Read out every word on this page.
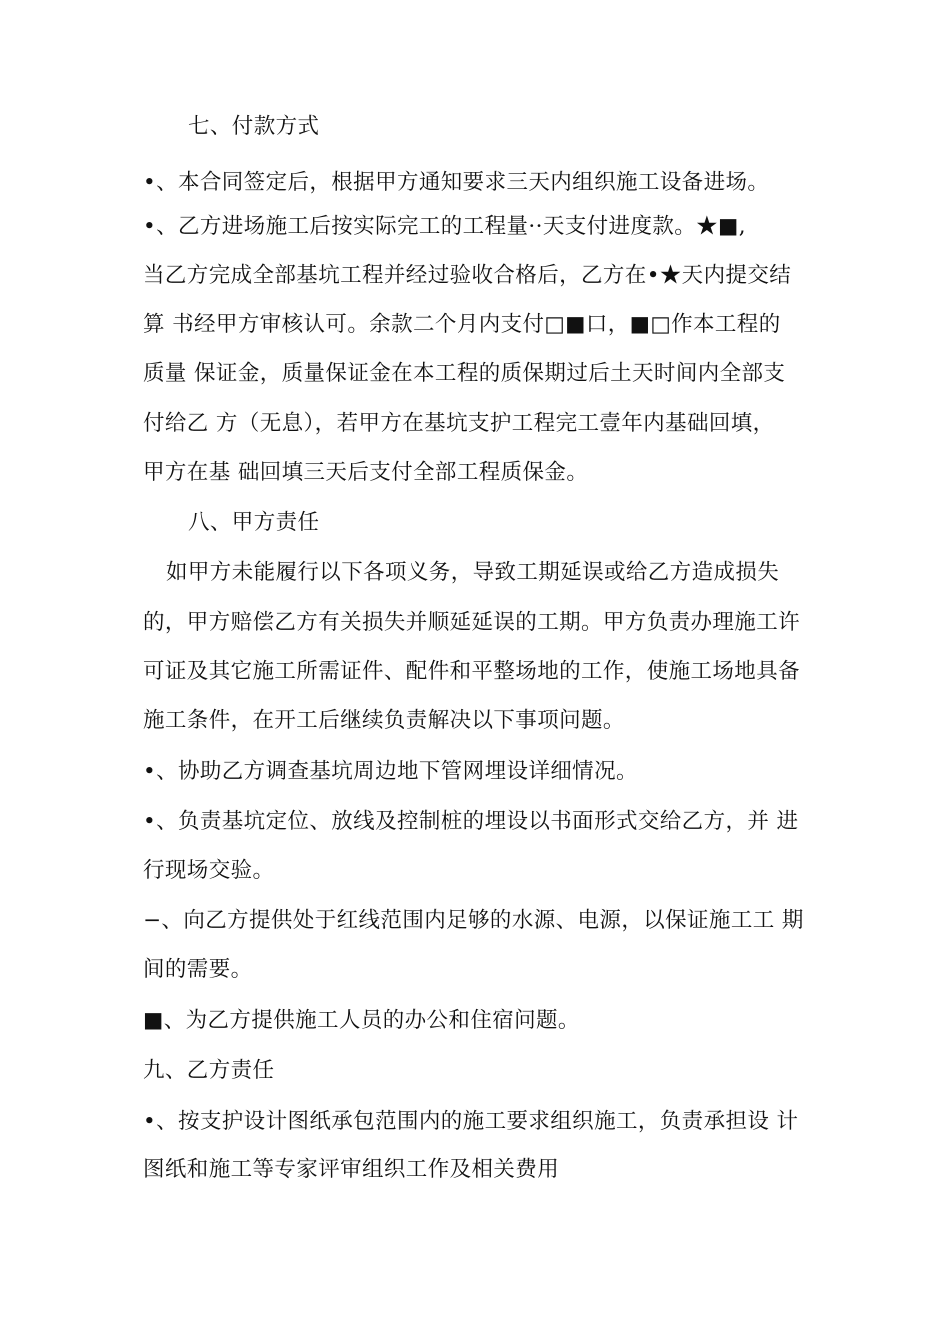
七、付款方式
•、本合同签定后，根据甲方通知要求三天内组织施工设备进场。
•、乙方进场施工后按实际完工的工程量··天支付进度款。★■,
当乙方完成全部基坑工程并经过验收合格后，乙方在•★天内提交结
算 书经甲方审核认可。余款二个月内支付□■口，■□作本工程的
质量 保证金，质量保证金在本工程的质保期过后土天时间内全部支
付给乙 方（无息），若甲方在基坑支护工程完工壹年内基础回填，
甲方在基 础回填三天后支付全部工程质保金。
八、甲方责任
如甲方未能履行以下各项义务，导致工期延误或给乙方造成损失
的，甲方赔偿乙方有关损失并顺延延误的工期。甲方负责办理施工许
可证及其它施工所需证件、配件和平整场地的工作，使施工场地具备
施工条件，在开工后继续负责解决以下事项问题。
•、协助乙方调查基坑周边地下管网埋设详细情况。
•、负责基坑定位、放线及控制桩的埋设以书面形式交给乙方，并 进
行现场交验。
−、向乙方提供处于红线范围内足够的水源、电源，以保证施工工 期
间的需要。
■、为乙方提供施工人员的办公和住宿问题。
九、乙方责任
•、按支护设计图纸承包范围内的施工要求组织施工，负责承担设 计
图纸和施工等专家评审组织工作及相关费用
